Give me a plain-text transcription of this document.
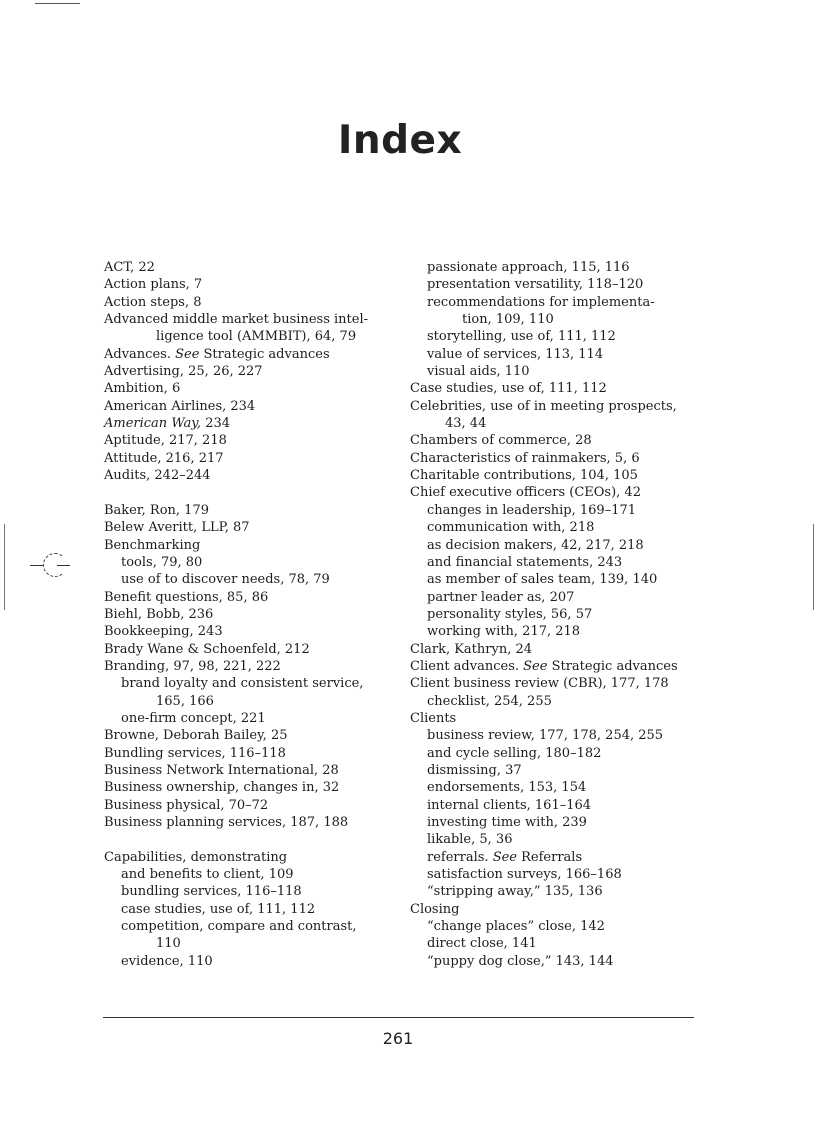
Index
ACT, 22
Action plans, 7
Action steps, 8
Advanced middle market business intel-
ligence tool (AMMBIT), 64, 79
Advances. See Strategic advances
Advertising, 25, 26, 227
Ambition, 6
American Airlines, 234
American Way, 234
Aptitude, 217, 218
Attitude, 216, 217
Audits, 242–244
Baker, Ron, 179
Belew Averitt, LLP, 87
Benchmarking
tools, 79, 80
use of to discover needs, 78, 79
Benefit questions, 85, 86
Biehl, Bobb, 236
Bookkeeping, 243
Brady Wane & Schoenfeld, 212
Branding, 97, 98, 221, 222
brand loyalty and consistent service,
165, 166
one-firm concept, 221
Browne, Deborah Bailey, 25
Bundling services, 116–118
Business Network International, 28
Business ownership, changes in, 32
Business physical, 70–72
Business planning services, 187, 188
Capabilities, demonstrating
and benefits to client, 109
bundling services, 116–118
case studies, use of, 111, 112
competition, compare and contrast,
110
evidence, 110
passionate approach, 115, 116
presentation versatility, 118–120
recommendations for implementa-
tion, 109, 110
storytelling, use of, 111, 112
value of services, 113, 114
visual aids, 110
Case studies, use of, 111, 112
Celebrities, use of in meeting prospects,
43, 44
Chambers of commerce, 28
Characteristics of rainmakers, 5, 6
Charitable contributions, 104, 105
Chief executive officers (CEOs), 42
changes in leadership, 169–171
communication with, 218
as decision makers, 42, 217, 218
and financial statements, 243
as member of sales team, 139, 140
partner leader as, 207
personality styles, 56, 57
working with, 217, 218
Clark, Kathryn, 24
Client advances. See Strategic advances
Client business review (CBR), 177, 178
checklist, 254, 255
Clients
business review, 177, 178, 254, 255
and cycle selling, 180–182
dismissing, 37
endorsements, 153, 154
internal clients, 161–164
investing time with, 239
likable, 5, 36
referrals. See Referrals
satisfaction surveys, 166–168
“stripping away,” 135, 136
Closing
“change places” close, 142
direct close, 141
“puppy dog close,” 143, 144
261
